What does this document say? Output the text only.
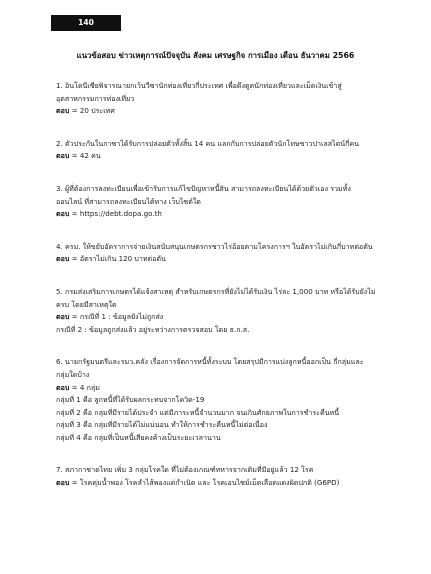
140
แนวข้อสอบ ข่าวเหตุการณ์ปัจจุบัน สังคม เศรษฐกิจ การเมือง เดือน ธันวาคม 2566

1. อินโดนีเซียพิจารณายกเว้นวีซานักท่องเที่ยวกี่ประเทศ เพื่อดึงดูดนักท่องเที่ยวและเม็ดเงินเข้าสู่

อุตสาหกรรมการท่องเที่ยว

ตอบ = 20 ประเทศ

2. ตัวประกันในกาซาได้รับการปล่อยตัวทั้งสิ้น 14 คน แลกกับการปล่อยตัวนักโทษชาวปาเลสไตน์กี่คน

ตอบ = 42 คน

3. ผู้ที่ต้องการลงทะเบียนเพื่อเข้ารับการแก้ไขปัญหาหนี้สิน สามารถลงทะเบียนได้ด้วยตัวเอง รวมทั้ง

ออนไลน์ ที่สามารถลงทะเบียนได้ทาง เว็บไซต์ใด

ตอบ = https://debt.dopa.go.th

4. ครม. ให้ขยับอัตราการจ่ายเงินสนับสนุนเกษตรกรชาวไร่อ้อยตามโครงการฯ ในอัตราไม่เกินกี่บาทต่อตัน

ตอบ = อัตราไม่เกิน 120 บาทต่อตัน

5. กรมส่งเสริมการเกษตรได้แจ้งสาเหตุ สำหรับเกษตรกรที่ยังไม่ได้รับเงิน ไร่ละ 1,000 บาท หรือได้รับยังไม่

ครบ โดยมีสาเหตุใด

ตอบ = กรณีที่ 1 : ข้อมูลยังไม่ถูกส่ง

กรณีที่ 2 : ข้อมูลถูกส่งแล้ว อยู่ระหว่างการตรวจสอบ โดย ธ.ก.ส.

6. นายกรัฐมนตรีและรมว.คลัง เรื่องการจัดการหนี้ทั้งระบบ โดยสรุปมีการแบ่งลูกหนี้ออกเป็น กี่กลุ่มและ

กลุ่มใดบ้าง

ตอบ = 4 กลุ่ม

กลุ่มที่ 1 คือ ลูกหนี้ที่ได้รับผลกระทบจากโควิด-19

กลุ่มที่ 2 คือ กลุ่มที่มีรายได้ประจำ แต่มีภาระหนี้จำนวนมาก จนเกินศักยภาพในการชำระคืนหนี้

กลุ่มที่ 3 คือ กลุ่มที่มีรายได้ไม่แน่นอน ทำให้การชำระคืนหนี้ไม่ต่อเนื่อง

กลุ่มที่ 4 คือ กลุ่มที่เป็นหนี้เสียคงค้างเป็นระยะเวลานาน

7. สภากาชาดไทย เพิ่ม 3 กลุ่มโรคใด ที่ไม่ต้องเกณฑ์ทหารจากเดิมที่มีอยู่แล้ว 12 โรค

ตอบ = โรคคุ่มน้ำพอง โรคลำไส้พองแต่กำเนิด และ โรคเอนไซม์เม็ดเลือดแดงผิดปกติ (G6PD)
